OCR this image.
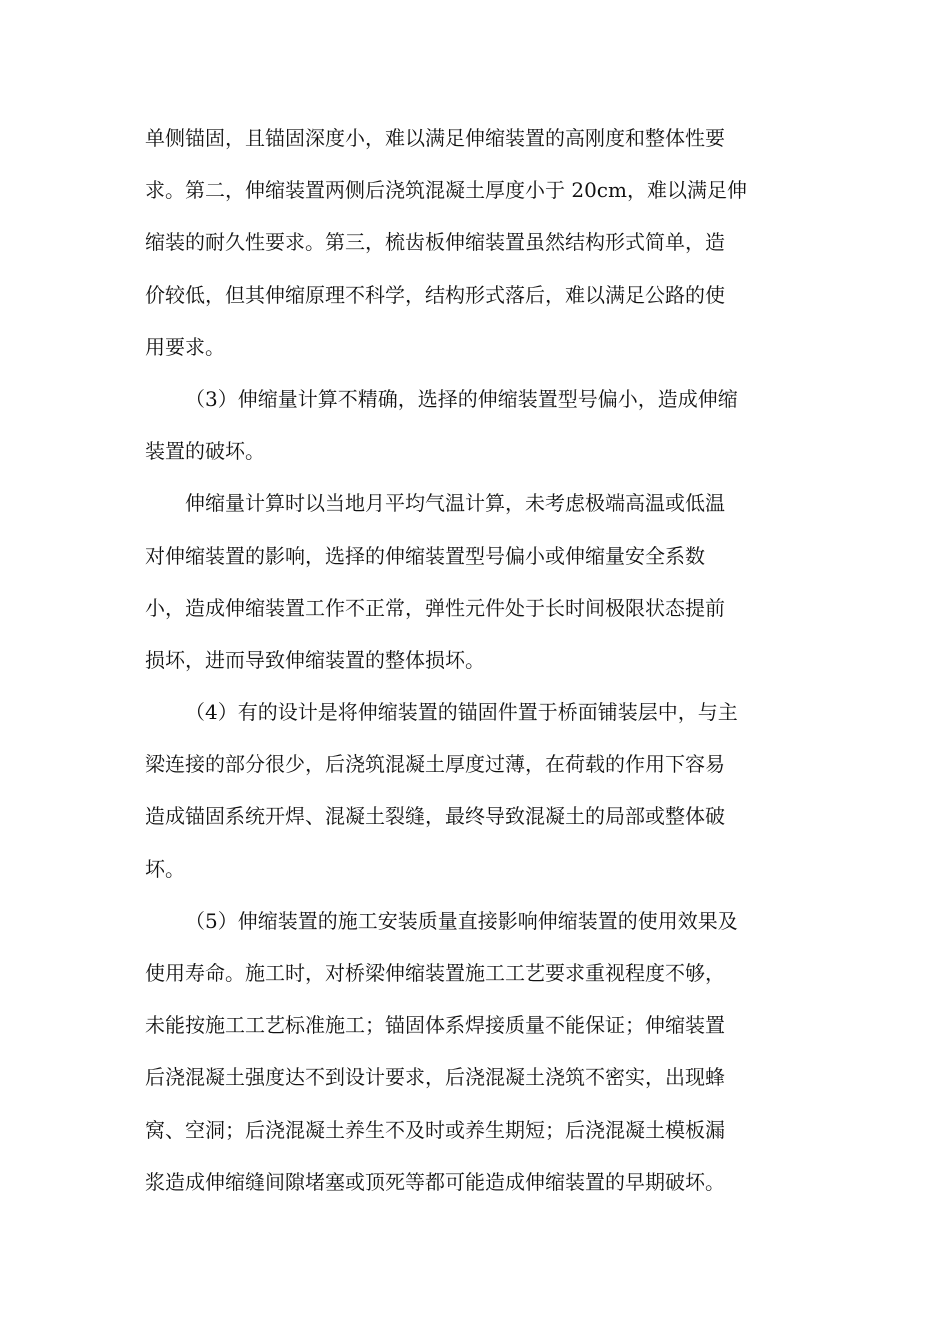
单侧锚固，且锚固深度小，难以满足伸缩装置的高刚度和整体性要
求。第二，伸缩装置两侧后浇筑混凝土厚度小于 20cm，难以满足伸
缩装的耐久性要求。第三，梳齿板伸缩装置虽然结构形式简单，造
价较低，但其伸缩原理不科学，结构形式落后，难以满足公路的使
用要求。
（3）伸缩量计算不精确，选择的伸缩装置型号偏小，造成伸缩
装置的破坏。
伸缩量计算时以当地月平均气温计算，未考虑极端高温或低温
对伸缩装置的影响，选择的伸缩装置型号偏小或伸缩量安全系数
小，造成伸缩装置工作不正常，弹性元件处于长时间极限状态提前
损坏，进而导致伸缩装置的整体损坏。
（4）有的设计是将伸缩装置的锚固件置于桥面铺装层中，与主
梁连接的部分很少，后浇筑混凝土厚度过薄，在荷载的作用下容易
造成锚固系统开焊、混凝土裂缝，最终导致混凝土的局部或整体破
坏。
（5）伸缩装置的施工安装质量直接影响伸缩装置的使用效果及
使用寿命。施工时，对桥梁伸缩装置施工工艺要求重视程度不够，
未能按施工工艺标准施工；锚固体系焊接质量不能保证；伸缩装置
后浇混凝土强度达不到设计要求，后浇混凝土浇筑不密实，出现蜂
窝、空洞；后浇混凝土养生不及时或养生期短；后浇混凝土模板漏
浆造成伸缩缝间隙堵塞或顶死等都可能造成伸缩装置的早期破坏。
